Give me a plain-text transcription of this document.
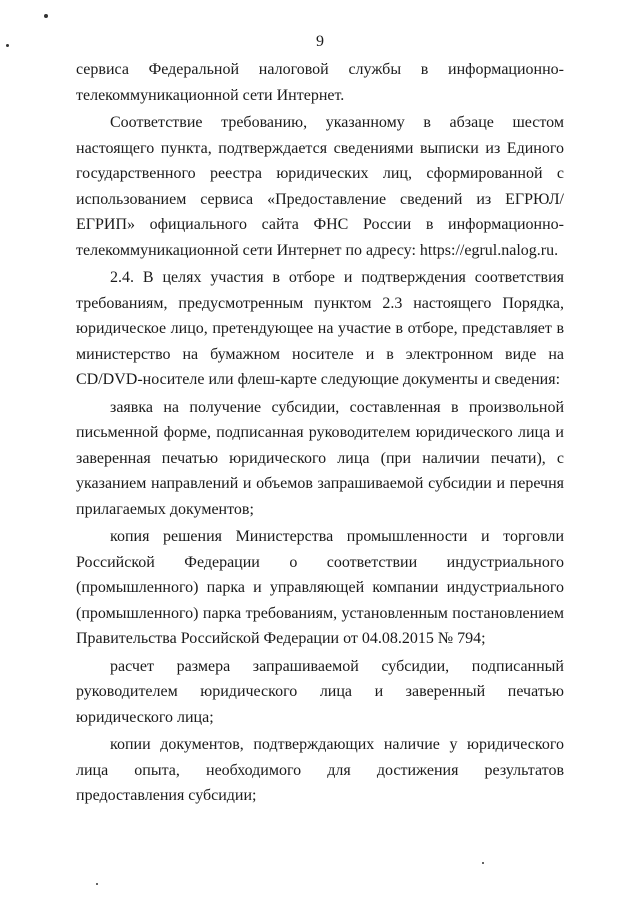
9

сервиса Федеральной налоговой службы в информационно-телекоммуникационной сети Интернет.

Соответствие требованию, указанному в абзаце шестом настоящего пункта, подтверждается сведениями выписки из Единого государственного реестра юридических лиц, сформированной с использованием сервиса «Предоставление сведений из ЕГРЮЛ/ЕГРИП» официального сайта ФНС России в информационно-телекоммуникационной сети Интернет по адресу: https://egrul.nalog.ru.

2.4. В целях участия в отборе и подтверждения соответствия требованиям, предусмотренным пунктом 2.3 настоящего Порядка, юридическое лицо, претендующее на участие в отборе, представляет в министерство на бумажном носителе и в электронном виде на CD/DVD-носителе или флеш-карте следующие документы и сведения:

заявка на получение субсидии, составленная в произвольной письменной форме, подписанная руководителем юридического лица и заверенная печатью юридического лица (при наличии печати), с указанием направлений и объемов запрашиваемой субсидии и перечня прилагаемых документов;

копия решения Министерства промышленности и торговли Российской Федерации о соответствии индустриального (промышленного) парка и управляющей компании индустриального (промышленного) парка требованиям, установленным постановлением Правительства Российской Федерации от 04.08.2015 № 794;

расчет размера запрашиваемой субсидии, подписанный руководителем юридического лица и заверенный печатью юридического лица;

копии документов, подтверждающих наличие у юридического лица опыта, необходимого для достижения результатов предоставления субсидии;
